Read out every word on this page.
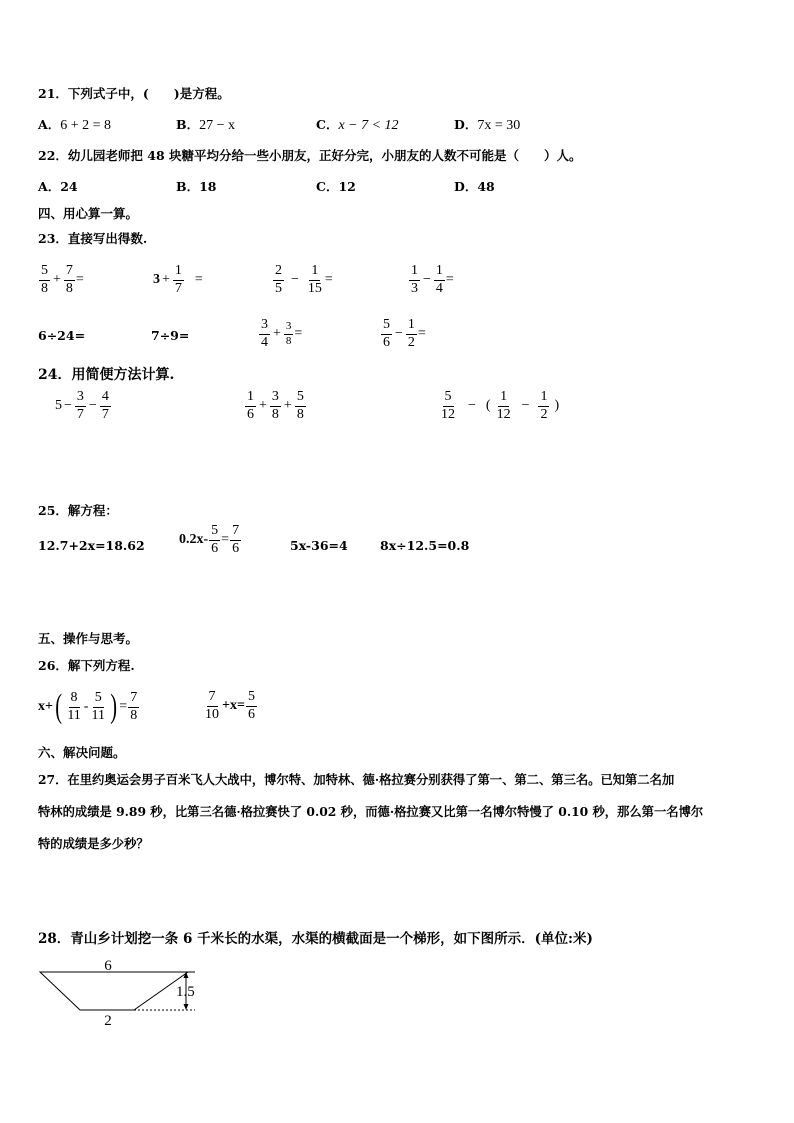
21．下列式子中，(　　)是方程。
A．6 + 2 = 8	B．27 − x	C．x − 7 < 12	D．7x = 30
22．幼儿园老师把 48 块糖平均分给一些小朋友，正好分完，小朋友的人数不可能是（　　）人。
A．24	B．18	C．12	D．48
四、用心算一算。
23．直接写出得数.
$\frac{5}{8} + \frac{7}{8}$ =	$3 + \frac{1}{7}$ =	$\frac{2}{5} - \frac{1}{15}$ =	$\frac{1}{3} - \frac{1}{4}$ =
6÷24=	7÷9=	$\frac{3}{4} + \frac{3}{8}$ =	$\frac{5}{6} - \frac{1}{2}$ =
24．用简便方法计算.
$5 - \frac{3}{7} - \frac{4}{7}$	$\frac{1}{6} + \frac{3}{8} + \frac{5}{8}$	$\frac{5}{12}$ − ( $\frac{1}{12} - \frac{1}{2}$ )
25．解方程：
12.7+2x=18.62 $0.2x- \frac{5}{6} = \frac{7}{6}$	5x-36=4	8x÷12.5=0.8
五、操作与思考。
26．解下列方程.
x+ ( $\frac{8}{11} - \frac{5}{11}$ ) = $\frac{7}{8}$	$\frac{7}{10} +x= \frac{5}{6}$
六、解决问题。
27．在里约奥运会男子百米飞人大战中，博尔特、加特林、德·格拉赛分别获得了第一、第二、第三名。已知第二名加
特林的成绩是 9.89 秒，比第三名德·格拉赛快了 0.02 秒，而德·格拉赛又比第一名博尔特慢了 0.10 秒，那么第一名博尔
特的成绩是多少秒？
28．青山乡计划挖一条 6 千米长的水渠，水渠的横截面是一个梯形，如下图所示．(单位:米)
6
2
1.5
